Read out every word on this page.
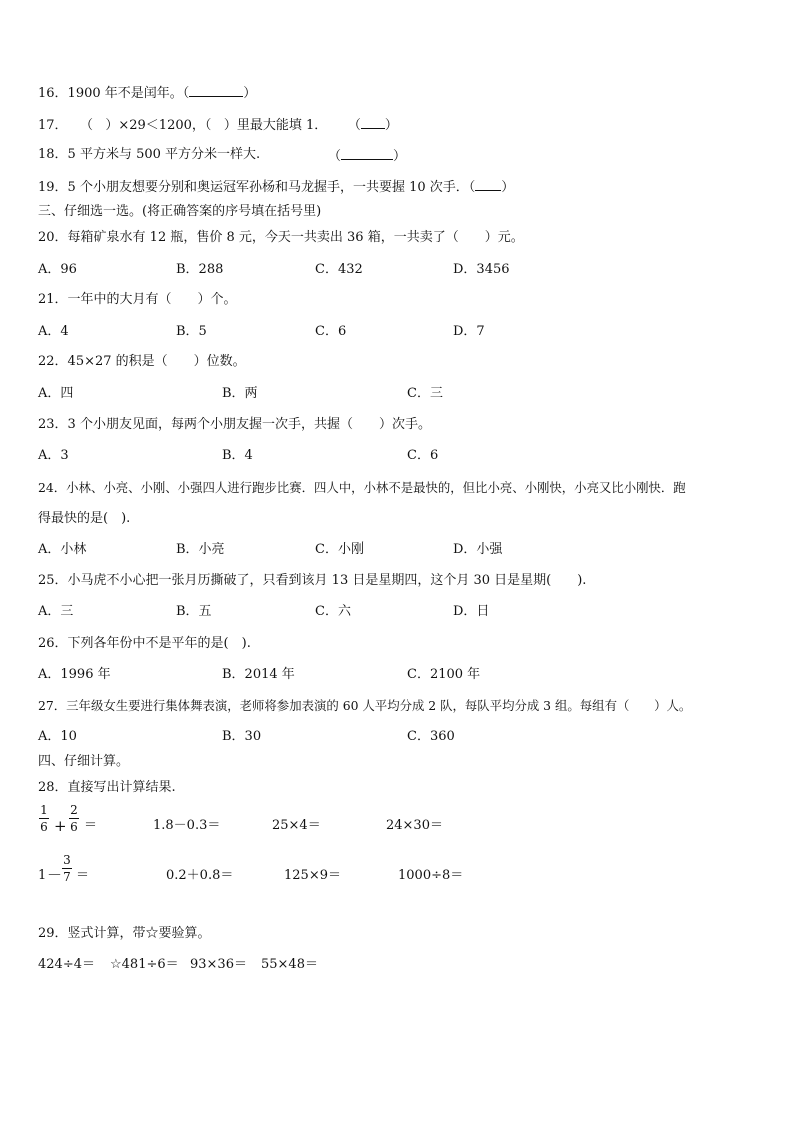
16．1900 年不是闰年。（	）
17． （ ）×29＜1200，（ ）里最大能填 1． （ ）
18．5 平方米与 500 平方分米一样大.	（	）
19．5 个小朋友想要分别和奥运冠军孙杨和马龙握手，一共要握 10 次手．（ ）
三、仔细选一选。(将正确答案的序号填在括号里)
20．每箱矿泉水有 12 瓶，售价 8 元，今天一共卖出 36 箱，一共卖了（　　）元。
A．96	B．288	C．432	D．3456
21．一年中的大月有（　　）个。
A．4	B．5	C．6	D．7
22．45×27 的积是（　　）位数。
A．四	B．两	C．三
23．3 个小朋友见面，每两个小朋友握一次手，共握（　　）次手。
A．3	B．4	C．6
24．小林、小亮、小刚、小强四人进行跑步比赛．四人中，小林不是最快的，但比小亮、小刚快，小亮又比小刚快．跑
得最快的是(　).
A．小林	B．小亮	C．小刚	D．小强
25．小马虎不小心把一张月历撕破了，只看到该月 13 日是星期四，这个月 30 日是星期(　　).
A．三	B．五	C．六	D．日
26．下列各年份中不是平年的是(　).
A．1996 年	B．2014 年	C．2100 年
27．三年级女生要进行集体舞表演，老师将参加表演的 60 人平均分成 2 队，每队平均分成 3 组。每组有（　　）人。
A．10	B．30	C．360
四、仔细计算。
28．直接写出计算结果.
1
6 +
2
6 ＝	1.8－0.3＝	25×4＝	24×30＝
1 －
3
7 ＝	0.2＋0.8＝	125×9＝	1000÷8＝
29．竖式计算，带☆要验算。
424÷4＝ ☆481÷6＝ 93×36＝ 55×48＝
